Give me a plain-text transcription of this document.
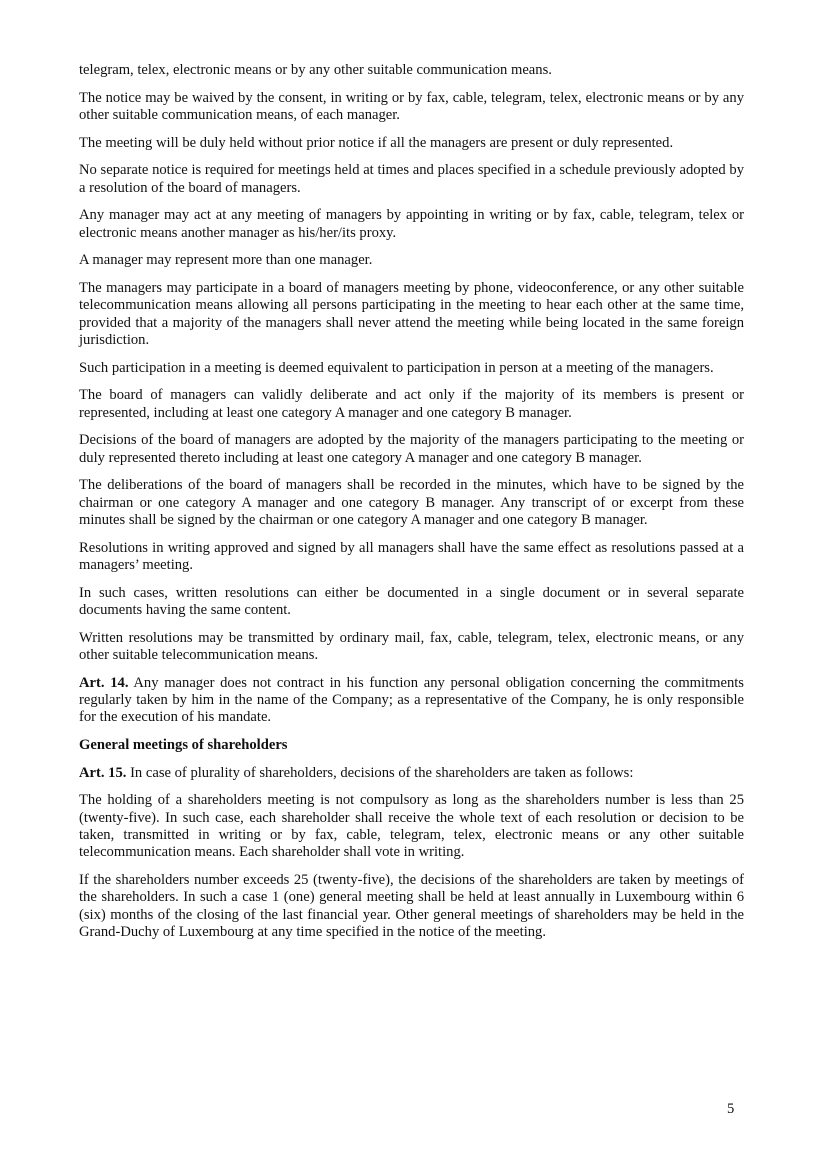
telegram, telex, electronic means or by any other suitable communication means.

The notice may be waived by the consent, in writing or by fax, cable, telegram, telex, electronic means or by any other suitable communication means, of each manager.

The meeting will be duly held without prior notice if all the managers are present or duly represented.

No separate notice is required for meetings held at times and places specified in a schedule previously adopted by a resolution of the board of managers.

Any manager may act at any meeting of managers by appointing in writing or by fax, cable, telegram, telex or electronic means another manager as his/her/its proxy.

A manager may represent more than one manager.

The managers may participate in a board of managers meeting by phone, videoconference, or any other suitable telecommunication means allowing all persons participating in the meeting to hear each other at the same time, provided that a majority of the managers shall never attend the meeting while being located in the same foreign jurisdiction.

Such participation in a meeting is deemed equivalent to participation in person at a meeting of the managers.

The board of managers can validly deliberate and act only if the majority of its members is present or represented, including at least one category A manager and one category B manager.

Decisions of the board of managers are adopted by the majority of the managers participating to the meeting or duly represented thereto including at least one category A manager and one category B manager.

The deliberations of the board of managers shall be recorded in the minutes, which have to be signed by the chairman or one category A manager and one category B manager. Any transcript of or excerpt from these minutes shall be signed by the chairman or one category A manager and one category B manager.

Resolutions in writing approved and signed by all managers shall have the same effect as resolutions passed at a managers’ meeting.

In such cases, written resolutions can either be documented in a single document or in several separate documents having the same content.

Written resolutions may be transmitted by ordinary mail, fax, cable, telegram, telex, electronic means, or any other suitable telecommunication means.

Art. 14. Any manager does not contract in his function any personal obligation concerning the commitments regularly taken by him in the name of the Company; as a representative of the Company, he is only responsible for the execution of his mandate.

General meetings of shareholders

Art. 15. In case of plurality of shareholders, decisions of the shareholders are taken as follows:

The holding of a shareholders meeting is not compulsory as long as the shareholders number is less than 25 (twenty-five). In such case, each shareholder shall receive the whole text of each resolution or decision to be taken, transmitted in writing or by fax, cable, telegram, telex, electronic means or any other suitable telecommunication means. Each shareholder shall vote in writing.

If the shareholders number exceeds 25 (twenty-five), the decisions of the shareholders are taken by meetings of the shareholders. In such a case 1 (one) general meeting shall be held at least annually in Luxembourg within 6 (six) months of the closing of the last financial year. Other general meetings of shareholders may be held in the Grand-Duchy of Luxembourg at any time specified in the notice of the meeting.

5
